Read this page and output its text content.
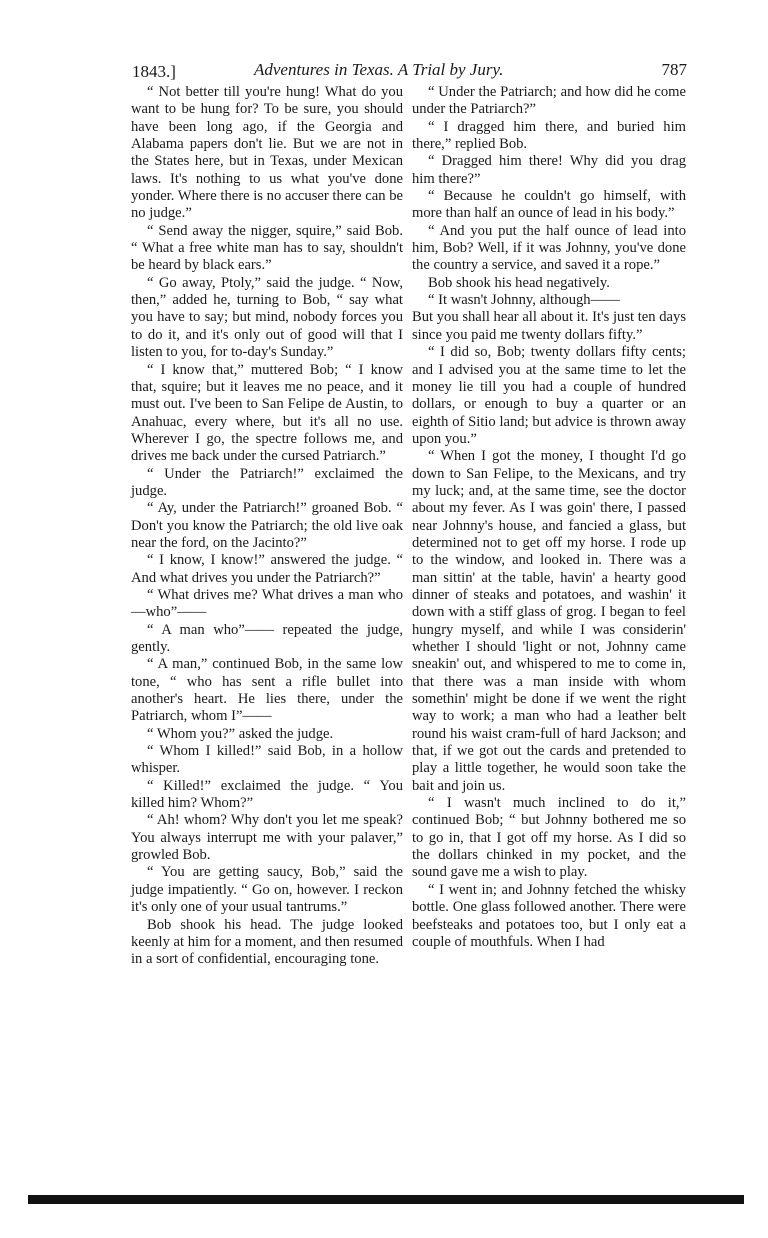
1843.]	Adventures in Texas. A Trial by Jury.	787

“ Not better till you're hung! What do you want to be hung for? To be sure, you should have been long ago, if the Georgia and Alabama papers don't lie. But we are not in the States here, but in Texas, under Mexican laws. It's nothing to us what you've done yonder. Where there is no accuser there can be no judge.”

“ Send away the nigger, squire,” said Bob. “ What a free white man has to say, shouldn't be heard by black ears.”

“ Go away, Ptoly,” said the judge. “ Now, then,” added he, turning to Bob, “ say what you have to say; but mind, nobody forces you to do it, and it's only out of good will that I listen to you, for to-day's Sunday.”

“ I know that,” muttered Bob; “ I know that, squire; but it leaves me no peace, and it must out. I've been to San Felipe de Austin, to Anahuac, every where, but it's all no use. Wherever I go, the spectre follows me, and drives me back under the cursed Patriarch.”

“ Under the Patriarch!” exclaimed the judge.

“ Ay, under the Patriarch!” groaned Bob. “ Don't you know the Patriarch; the old live oak near the ford, on the Jacinto?”

“ I know, I know!” answered the judge. “ And what drives you under the Patriarch?”

“ What drives me? What drives a man who—who”——

“ A man who”—— repeated the judge, gently.

“ A man,” continued Bob, in the same low tone, “ who has sent a rifle bullet into another's heart. He lies there, under the Patriarch, whom I”——

“ Whom you?” asked the judge.

“ Whom I killed!” said Bob, in a hollow whisper.

“ Killed!” exclaimed the judge. “ You killed him? Whom?”

“ Ah! whom? Why don't you let me speak? You always interrupt me with your palaver,” growled Bob.

“ You are getting saucy, Bob,” said the judge impatiently. “ Go on, however. I reckon it's only one of your usual tantrums.”

Bob shook his head. The judge looked keenly at him for a moment, and then resumed in a sort of confidential, encouraging tone.

“ Under the Patriarch; and how did he come under the Patriarch?”

“ I dragged him there, and buried him there,” replied Bob.

“ Dragged him there! Why did you drag him there?”

“ Because he couldn't go himself, with more than half an ounce of lead in his body.”

“ And you put the half ounce of lead into him, Bob? Well, if it was Johnny, you've done the country a service, and saved it a rope.”

Bob shook his head negatively.

“ It wasn't Johnny, although——

But you shall hear all about it. It's just ten days since you paid me twenty dollars fifty.”

“ I did so, Bob; twenty dollars fifty cents; and I advised you at the same time to let the money lie till you had a couple of hundred dollars, or enough to buy a quarter or an eighth of Sitio land; but advice is thrown away upon you.”

“ When I got the money, I thought I'd go down to San Felipe, to the Mexicans, and try my luck; and, at the same time, see the doctor about my fever. As I was goin' there, I passed near Johnny's house, and fancied a glass, but determined not to get off my horse. I rode up to the window, and looked in. There was a man sittin' at the table, havin' a hearty good dinner of steaks and potatoes, and washin' it down with a stiff glass of grog. I began to feel hungry myself, and while I was considerin' whether I should 'light or not, Johnny came sneakin' out, and whispered to me to come in, that there was a man inside with whom somethin' might be done if we went the right way to work; a man who had a leather belt round his waist cram-full of hard Jackson; and that, if we got out the cards and pretended to play a little together, he would soon take the bait and join us.

“ I wasn't much inclined to do it,” continued Bob; “ but Johnny bothered me so to go in, that I got off my horse. As I did so the dollars chinked in my pocket, and the sound gave me a wish to play.

“ I went in; and Johnny fetched the whisky bottle. One glass followed another. There were beefsteaks and potatoes too, but I only eat a couple of mouthfuls. When I had
